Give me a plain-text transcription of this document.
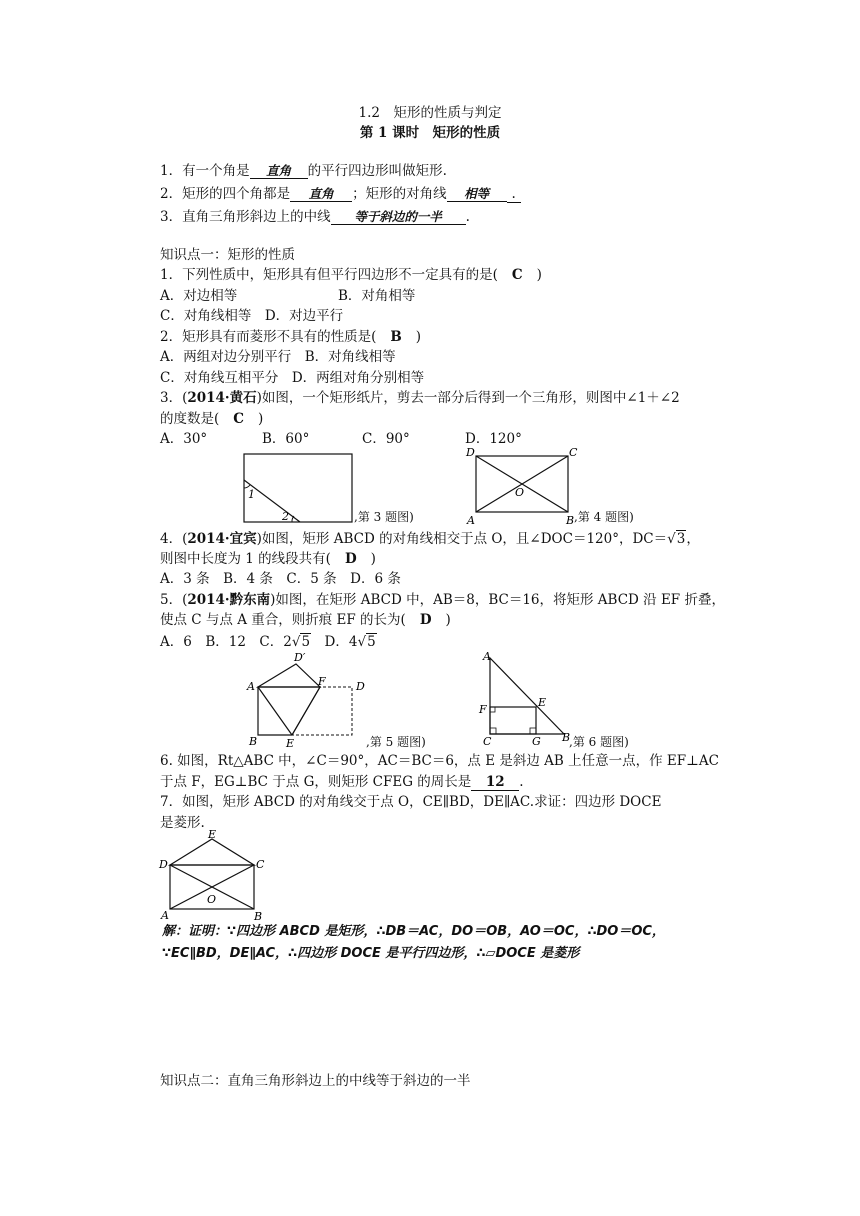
1.2　矩形的性质与判定
第 1 课时　矩形的性质
1．有一个角是 直角 的平行四边形叫做矩形.
2．矩形的四个角都是 直角 ；矩形的对角线 相等 .
3．直角三角形斜边上的中线 等于斜边的一半 .
知识点一：矩形的性质
1．下列性质中，矩形具有但平行四边形不一定具有的是( C )
A．对边相等	B．对角相等
C．对角线相等　D．对边平行
2．矩形具有而菱形不具有的性质是( B )
A．两组对边分别平行　B．对角线相等
C．对角线互相平分　D．两组对角分别相等
3．(2014·黄石)如图，一个矩形纸片，剪去一部分后得到一个三角形，则图中∠1＋∠2
的度数是( C )
A．30°	B．60°	C．90°	D．120°
1
2	,第 3 题图)
D	C
A	B
O
,第 4 题图)
4．(2014·宜宾)如图，矩形 ABCD 的对角线相交于点 O，且∠DOC＝120°，DC＝√3，
则图中长度为 1 的线段共有( D )
A．3 条　B．4 条　C．5 条　D．6 条
5．(2014·黔东南)如图，在矩形 ABCD 中，AB＝8，BC＝16，将矩形 ABCD 沿 EF 折叠，
使点 C 与点 A 重合，则折痕 EF 的长为( D )
A．6　B．12　C．2√5　D．4√5
A
B	E
F	D
D′
,第 5 题图)
A
F
E
C	G B
,第 6 题图)
6. 如图，Rt△ABC 中，∠C＝90°，AC＝BC＝6，点 E 是斜边 AB 上任意一点，作 EF⊥AC
于点 F，EG⊥BC 于点 G，则矩形 CFEG 的周长是 12 .
7．如图，矩形 ABCD 的对角线交于点 O，CE∥BD，DE∥AC.求证：四边形 DOCE
是菱形.
E
D	C
O
A	B
解：证明：∵四边形 ABCD 是矩形，∴DB＝AC，DO＝OB，AO＝OC，∴DO＝OC，
∵EC∥BD，DE∥AC，∴四边形 DOCE 是平行四边形，∴▱DOCE 是菱形
知识点二：直角三角形斜边上的中线等于斜边的一半
